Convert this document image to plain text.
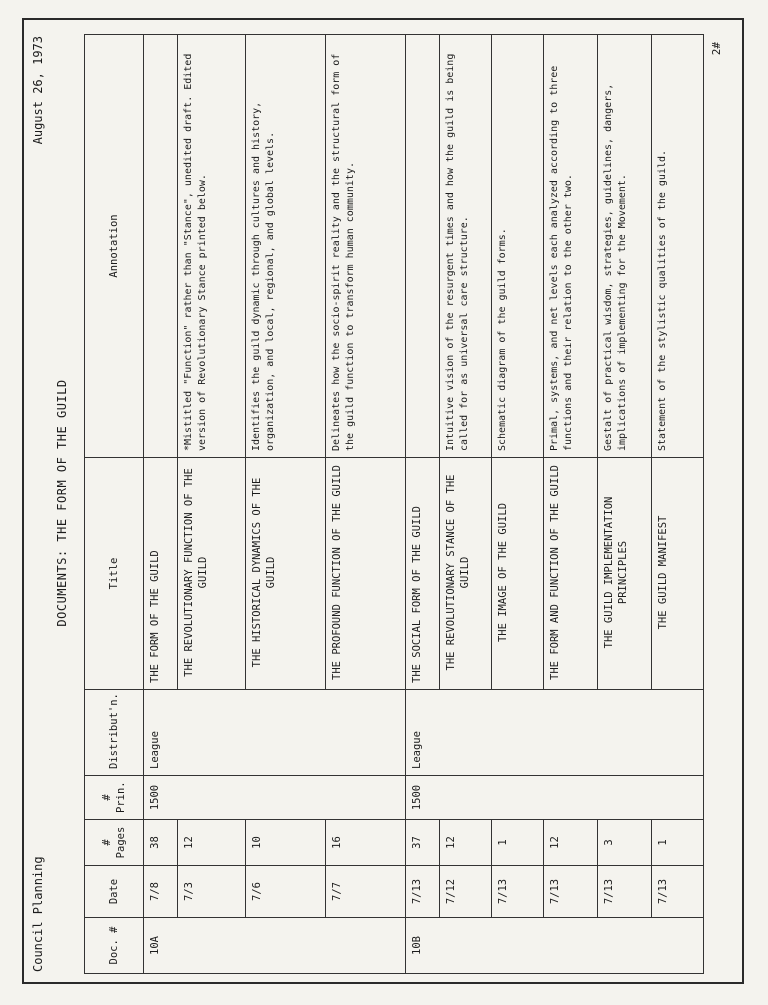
Council Planning
DOCUMENTS: THE FORM OF THE GUILD
August 26, 1973
Doc. #	Date	# Pages	# Prin.	Distribut'n.	Title	Annotation
10A	7/8	38	1500	League	THE FORM OF THE GUILD	
	7/3	12			THE REVOLUTIONARY FUNCTION OF THE GUILD	*Mistitled "Function" rather than "Stance", unedited draft. Edited version of Revolutionary Stance printed below.
	7/6	10			THE HISTORICAL DYNAMICS OF THE GUILD	Identifies the guild dynamic through cultures and history, organization, and local, regional, and global levels.
	7/7	16			THE PROFOUND FUNCTION OF THE GUILD	Delineates how the socio-spirit reality and the structural form of the guild function to transform human community.
10B	7/13	37	1500	League	THE SOCIAL FORM OF THE GUILD	
	7/12	12			THE REVOLUTIONARY STANCE OF THE GUILD	Intuitive vision of the resurgent times and how the guild is being called for as universal care structure.
	7/13	1			THE IMAGE OF THE GUILD	Schematic diagram of the guild forms.
	7/13	12			THE FORM AND FUNCTION OF THE GUILD	Primal, systems, and net levels each analyzed according to three functions and their relation to the other two.
	7/13	3			THE GUILD IMPLEMENTATION PRINCIPLES	Gestalt of practical wisdom, strategies, guidelines, dangers, implications of implementing for the Movement.
	7/13	1			THE GUILD MANIFEST	Statement of the stylistic qualities of the guild.
2#
